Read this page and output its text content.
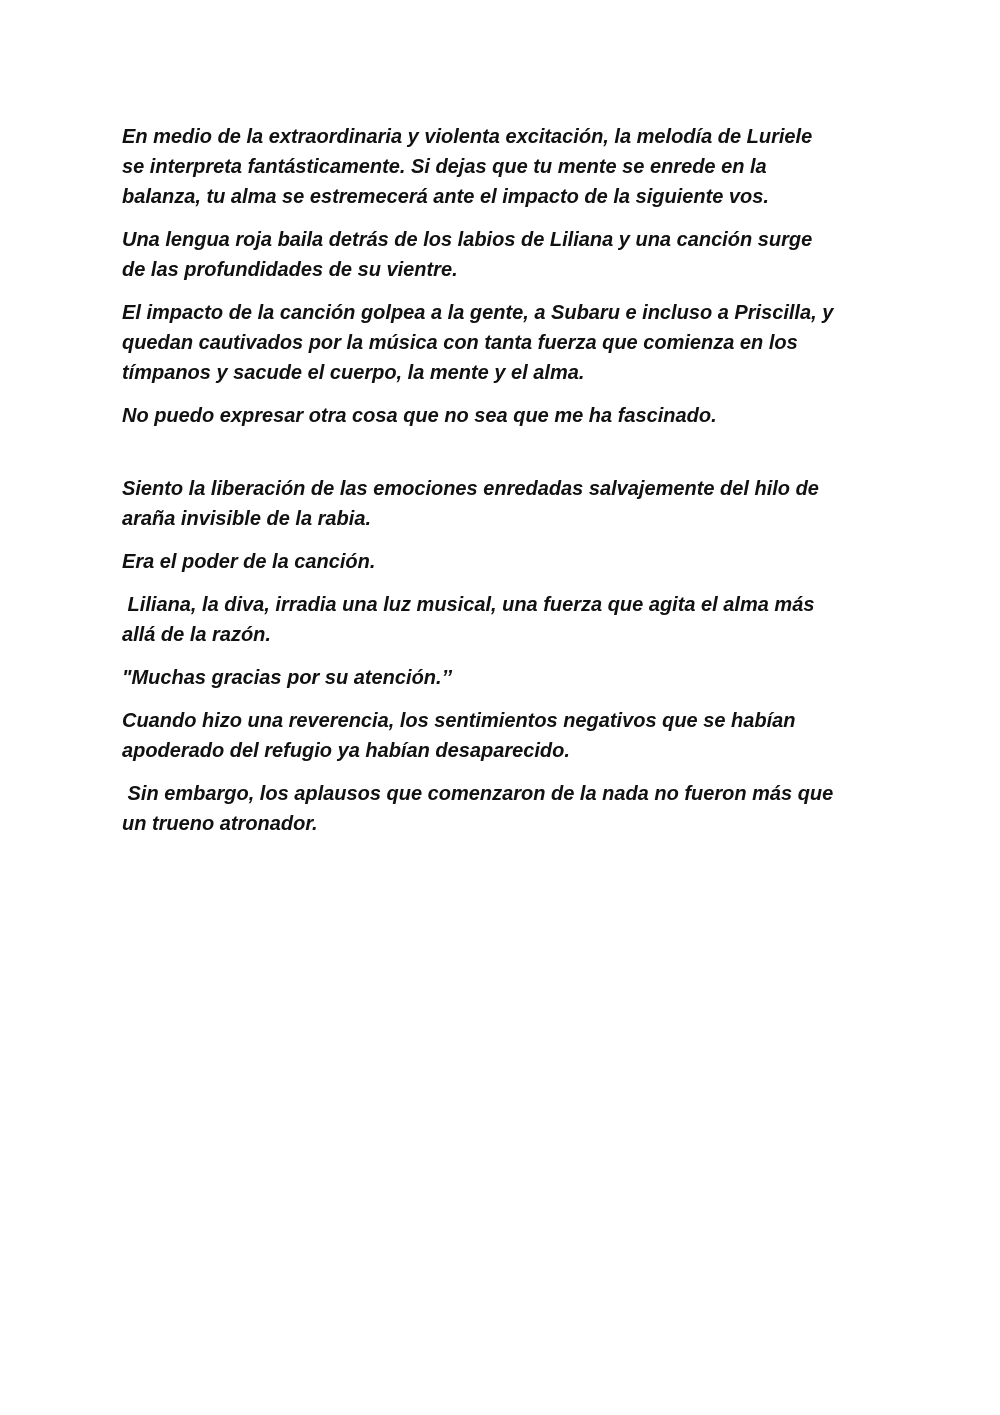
En medio de la extraordinaria y violenta excitación, la melodía de Luriele
se interpreta fantásticamente. Si dejas que tu mente se enrede en la
balanza, tu alma se estremecerá ante el impacto de la siguiente vos.

Una lengua roja baila detrás de los labios de Liliana y una canción surge
de las profundidades de su vientre.

El impacto de la canción golpea a la gente, a Subaru e incluso a Priscilla, y
quedan cautivados por la música con tanta fuerza que comienza en los
tímpanos y sacude el cuerpo, la mente y el alma.

No puedo expresar otra cosa que no sea que me ha fascinado.

Siento la liberación de las emociones enredadas salvajemente del hilo de
araña invisible de la rabia.

Era el poder de la canción.

Liliana, la diva, irradia una luz musical, una fuerza que agita el alma más
allá de la razón.

"Muchas gracias por su atención.’’

Cuando hizo una reverencia, los sentimientos negativos que se habían
apoderado del refugio ya habían desaparecido.

Sin embargo, los aplausos que comenzaron de la nada no fueron más que
un trueno atronador.
